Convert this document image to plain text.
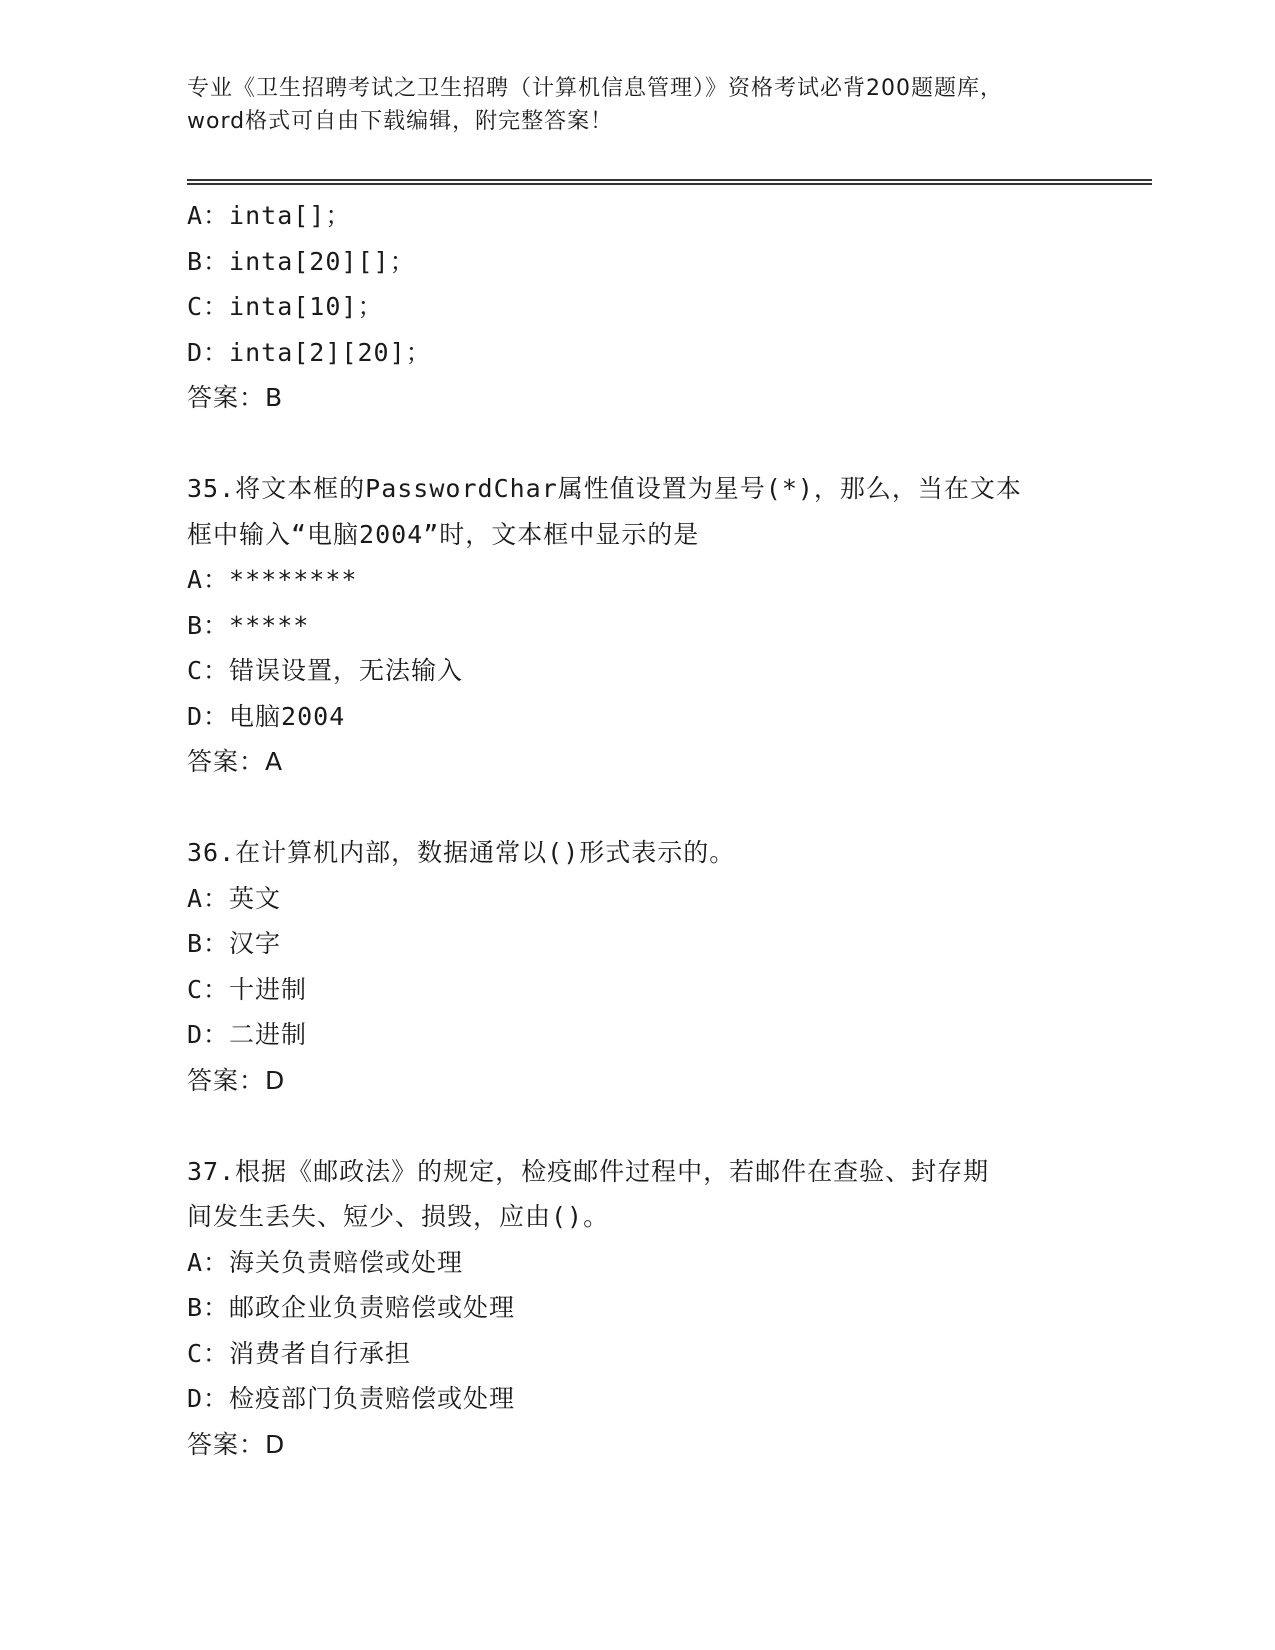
专业《卫生招聘考试之卫生招聘（计算机信息管理）》资格考试必背200题题库，
word格式可自由下载编辑，附完整答案！
A：inta[]；
B：inta[20][]；
C：inta[10]；
D：inta[2][20]；
答案：B
35.将文本框的PasswordChar属性值设置为星号(*)，那么，当在文本
框中输入“电脑2004”时，文本框中显示的是
A：********
B：*****
C：错误设置，无法输入
D：电脑2004
答案：A
36.在计算机内部，数据通常以()形式表示的。
A：英文
B：汉字
C：十进制
D：二进制
答案：D
37.根据《邮政法》的规定，检疫邮件过程中，若邮件在查验、封存期
间发生丢失、短少、损毁，应由()。
A：海关负责赔偿或处理
B：邮政企业负责赔偿或处理
C：消费者自行承担
D：检疫部门负责赔偿或处理
答案：D
